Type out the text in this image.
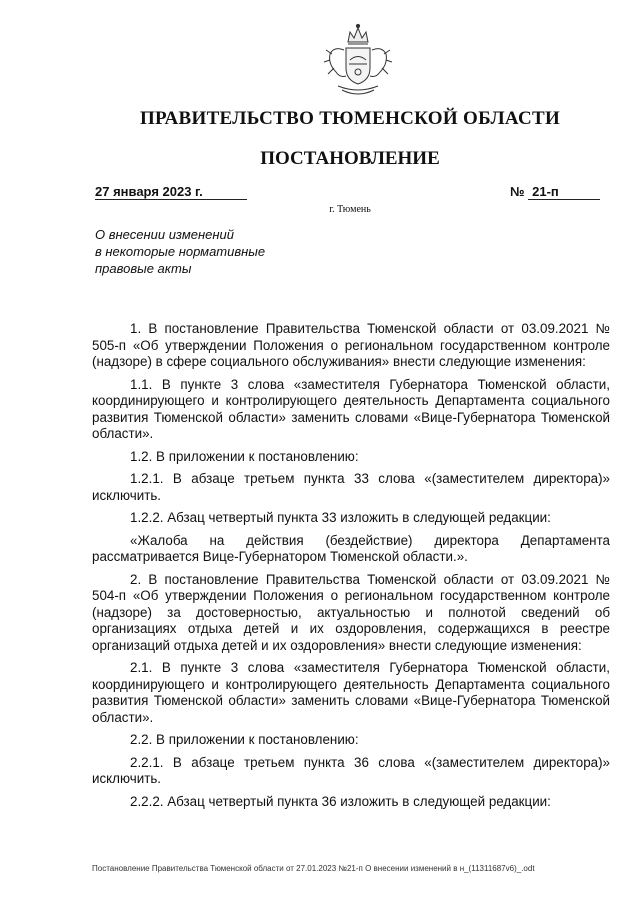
ПРАВИТЕЛЬСТВО ТЮМЕНСКОЙ ОБЛАСТИ
ПОСТАНОВЛЕНИЕ
27 января 2023 г.	№ 21-п
г. Тюмень
О внесении изменений
в некоторые нормативные
правовые акты

1. В постановление Правительства Тюменской области от 03.09.2021 № 505-п «Об утверждении Положения о региональном государственном контроле (надзоре) в сфере социального обслуживания» внести следующие изменения:

1.1. В пункте 3 слова «заместителя Губернатора Тюменской области, координирующего и контролирующего деятельность Департамента социального развития Тюменской области» заменить словами «Вице-Губернатора Тюменской области».

1.2. В приложении к постановлению:

1.2.1. В абзаце третьем пункта 33 слова «(заместителем директора)» исключить.

1.2.2. Абзац четвертый пункта 33 изложить в следующей редакции:

«Жалоба на действия (бездействие) директора Департамента рассматривается Вице-Губернатором Тюменской области.».

2. В постановление Правительства Тюменской области от 03.09.2021 № 504-п «Об утверждении Положения о региональном государственном контроле (надзоре) за достоверностью, актуальностью и полнотой сведений об организациях отдыха детей и их оздоровления, содержащихся в реестре организаций отдыха детей и их оздоровления» внести следующие изменения:

2.1. В пункте 3 слова «заместителя Губернатора Тюменской области, координирующего и контролирующего деятельность Департамента социального развития Тюменской области» заменить словами «Вице-Губернатора Тюменской области».

2.2. В приложении к постановлению:

2.2.1. В абзаце третьем пункта 36 слова «(заместителем директора)» исключить.

2.2.2. Абзац четвертый пункта 36 изложить в следующей редакции:

Постановление Правительства Тюменской области от 27.01.2023 №21-п О внесении изменений в н_(11311687v6)_.odt
